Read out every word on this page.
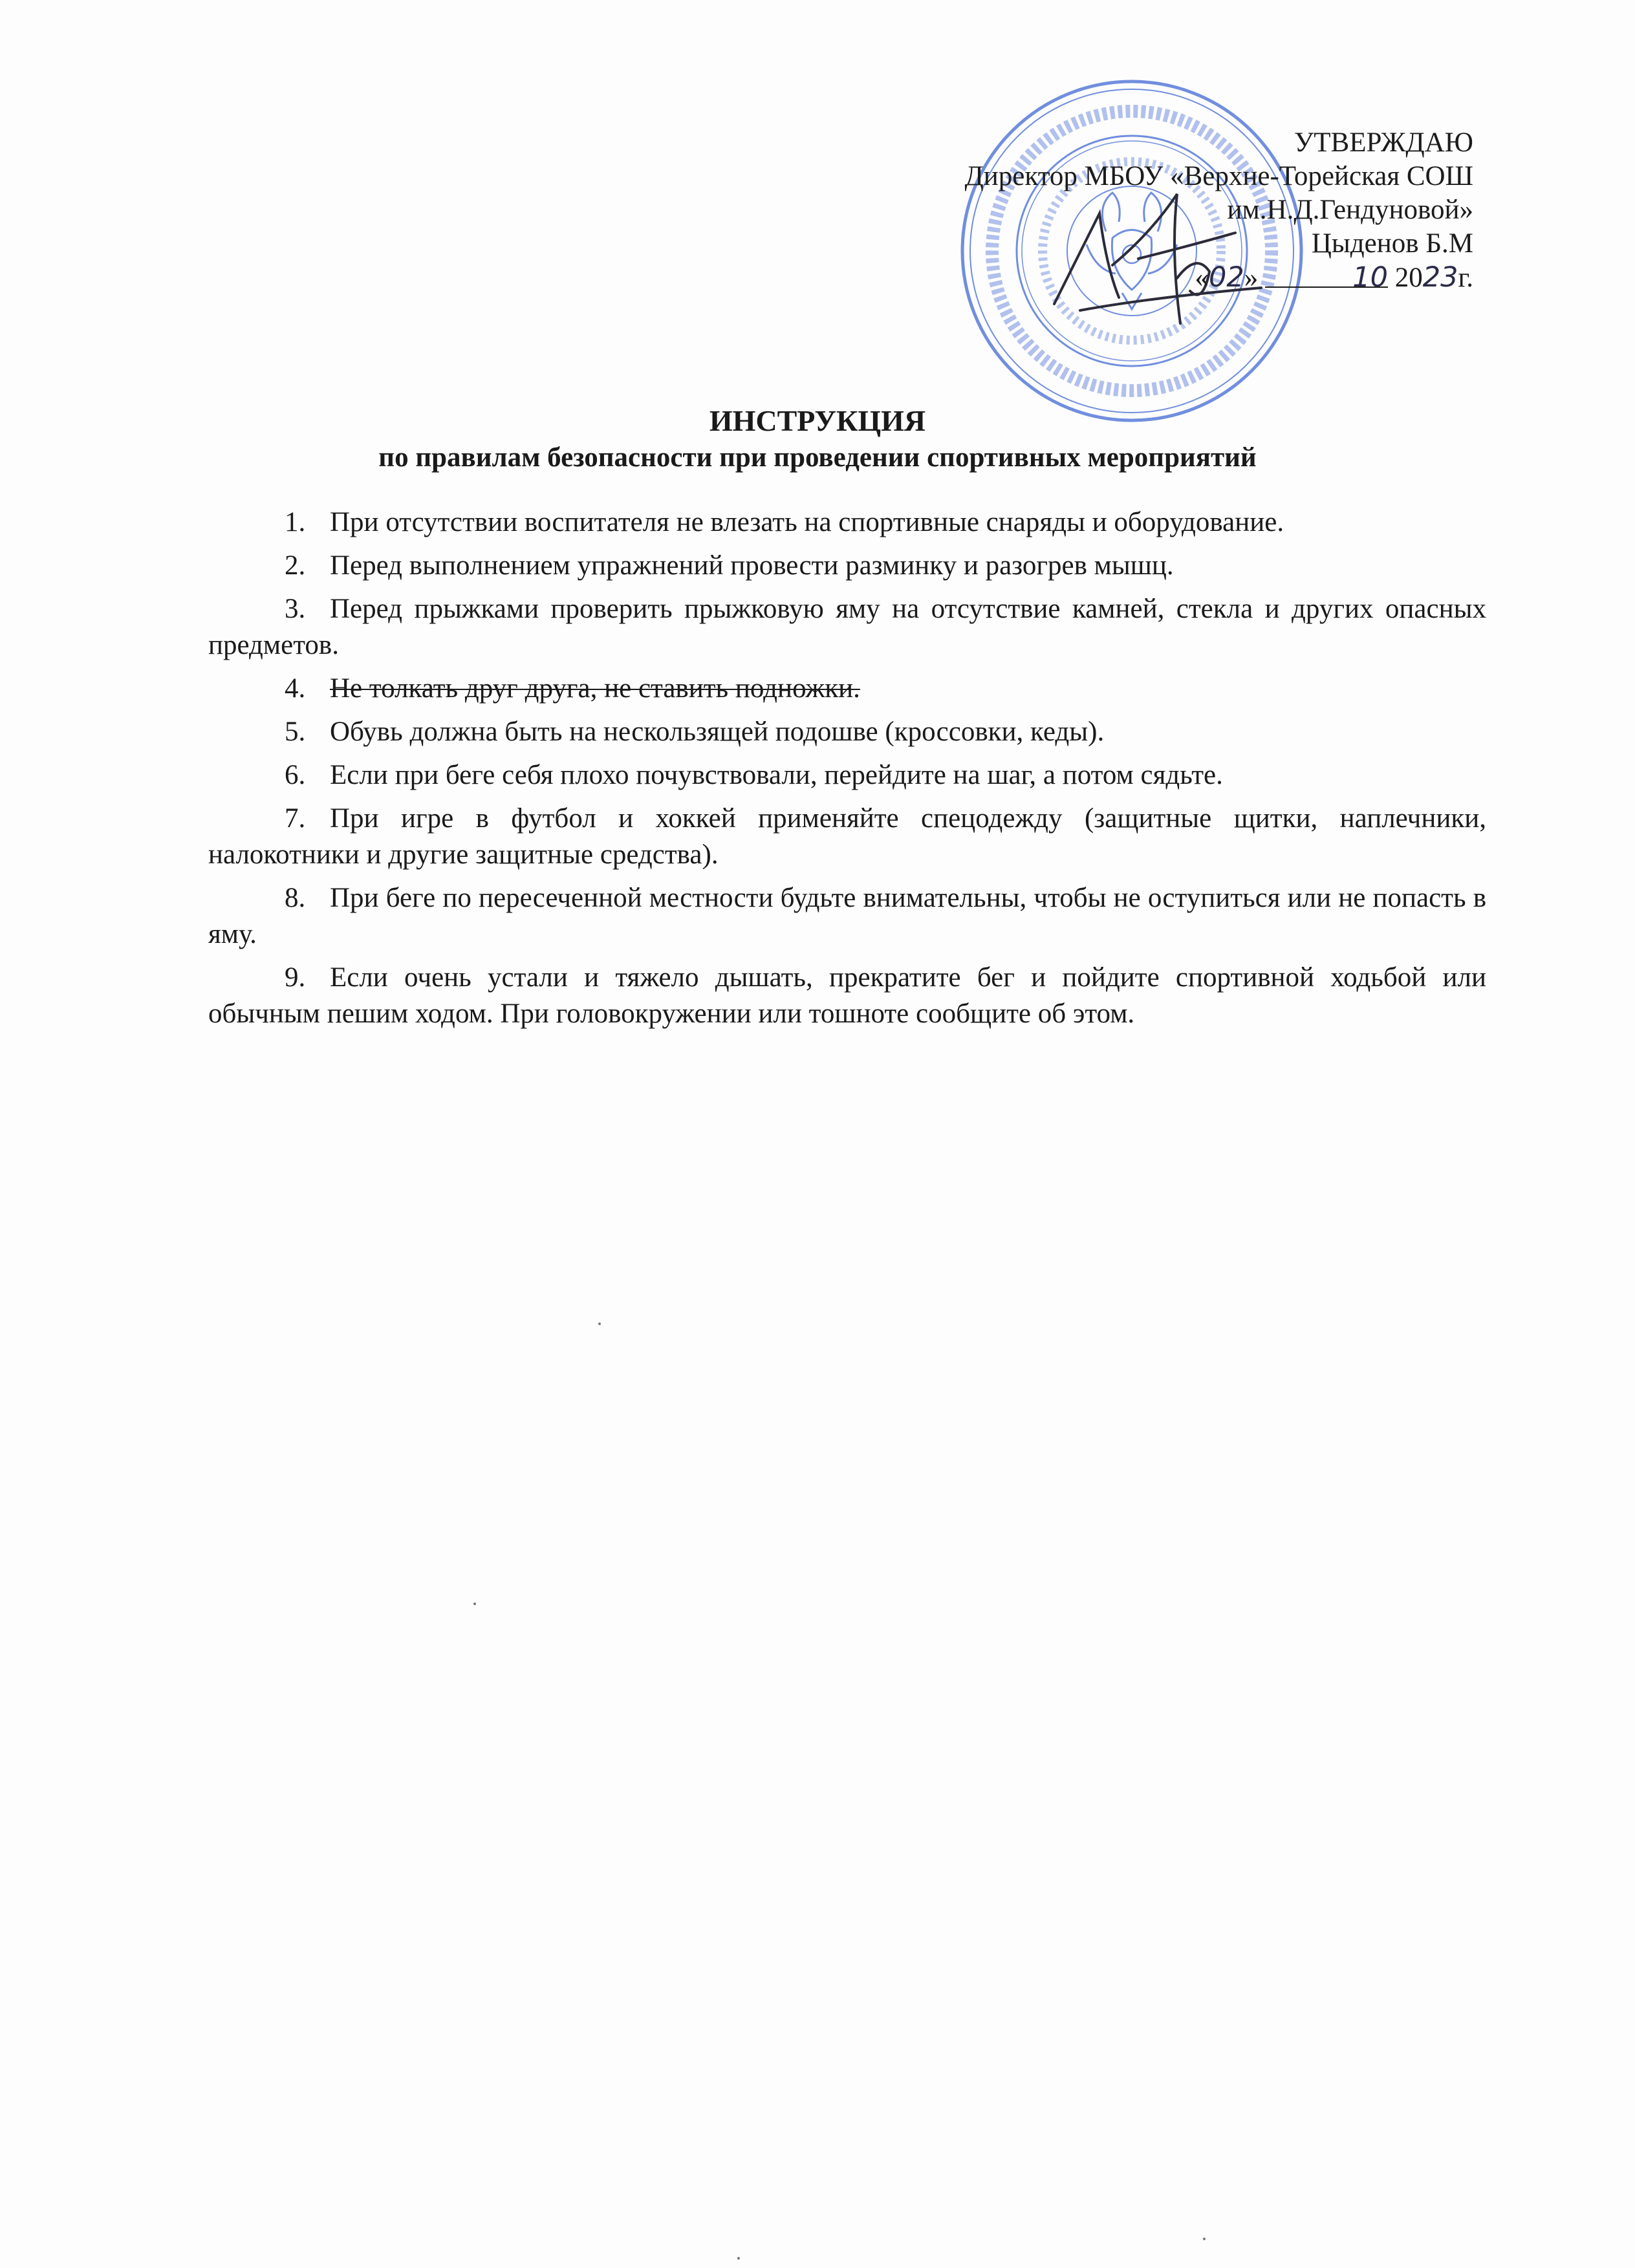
УТВЕРЖДАЮ
Директор МБОУ «Верхне-Торейская СОШ
им.Н.Д.Гендуновой»
Цыденов Б.М
«02»	10 2023г.
ИНСТРУКЦИЯ
по правилам безопасности при проведении спортивных мероприятий

1. При отсутствии воспитателя не влезать на спортивные снаряды и оборудование.

2. Перед выполнением упражнений провести разминку и разогрев мышц.

3. Перед прыжками проверить прыжковую яму на отсутствие камней, стекла и других опасных предметов.

4. Не толкать друг друга, не ставить подножки.

5. Обувь должна быть на нескользящей подошве (кроссовки, кеды).

6. Если при беге себя плохо почувствовали, перейдите на шаг, а потом сядьте.

7. При игре в футбол и хоккей применяйте спецодежду (защитные щитки, наплечники, налокотники и другие защитные средства).

8. При беге по пересеченной местности будьте внимательны, чтобы не оступиться или не попасть в яму.

9. Если очень устали и тяжело дышать, прекратите бег и пойдите спортивной ходьбой или обычным пешим ходом. При головокружении или тошноте сообщите об этом.
